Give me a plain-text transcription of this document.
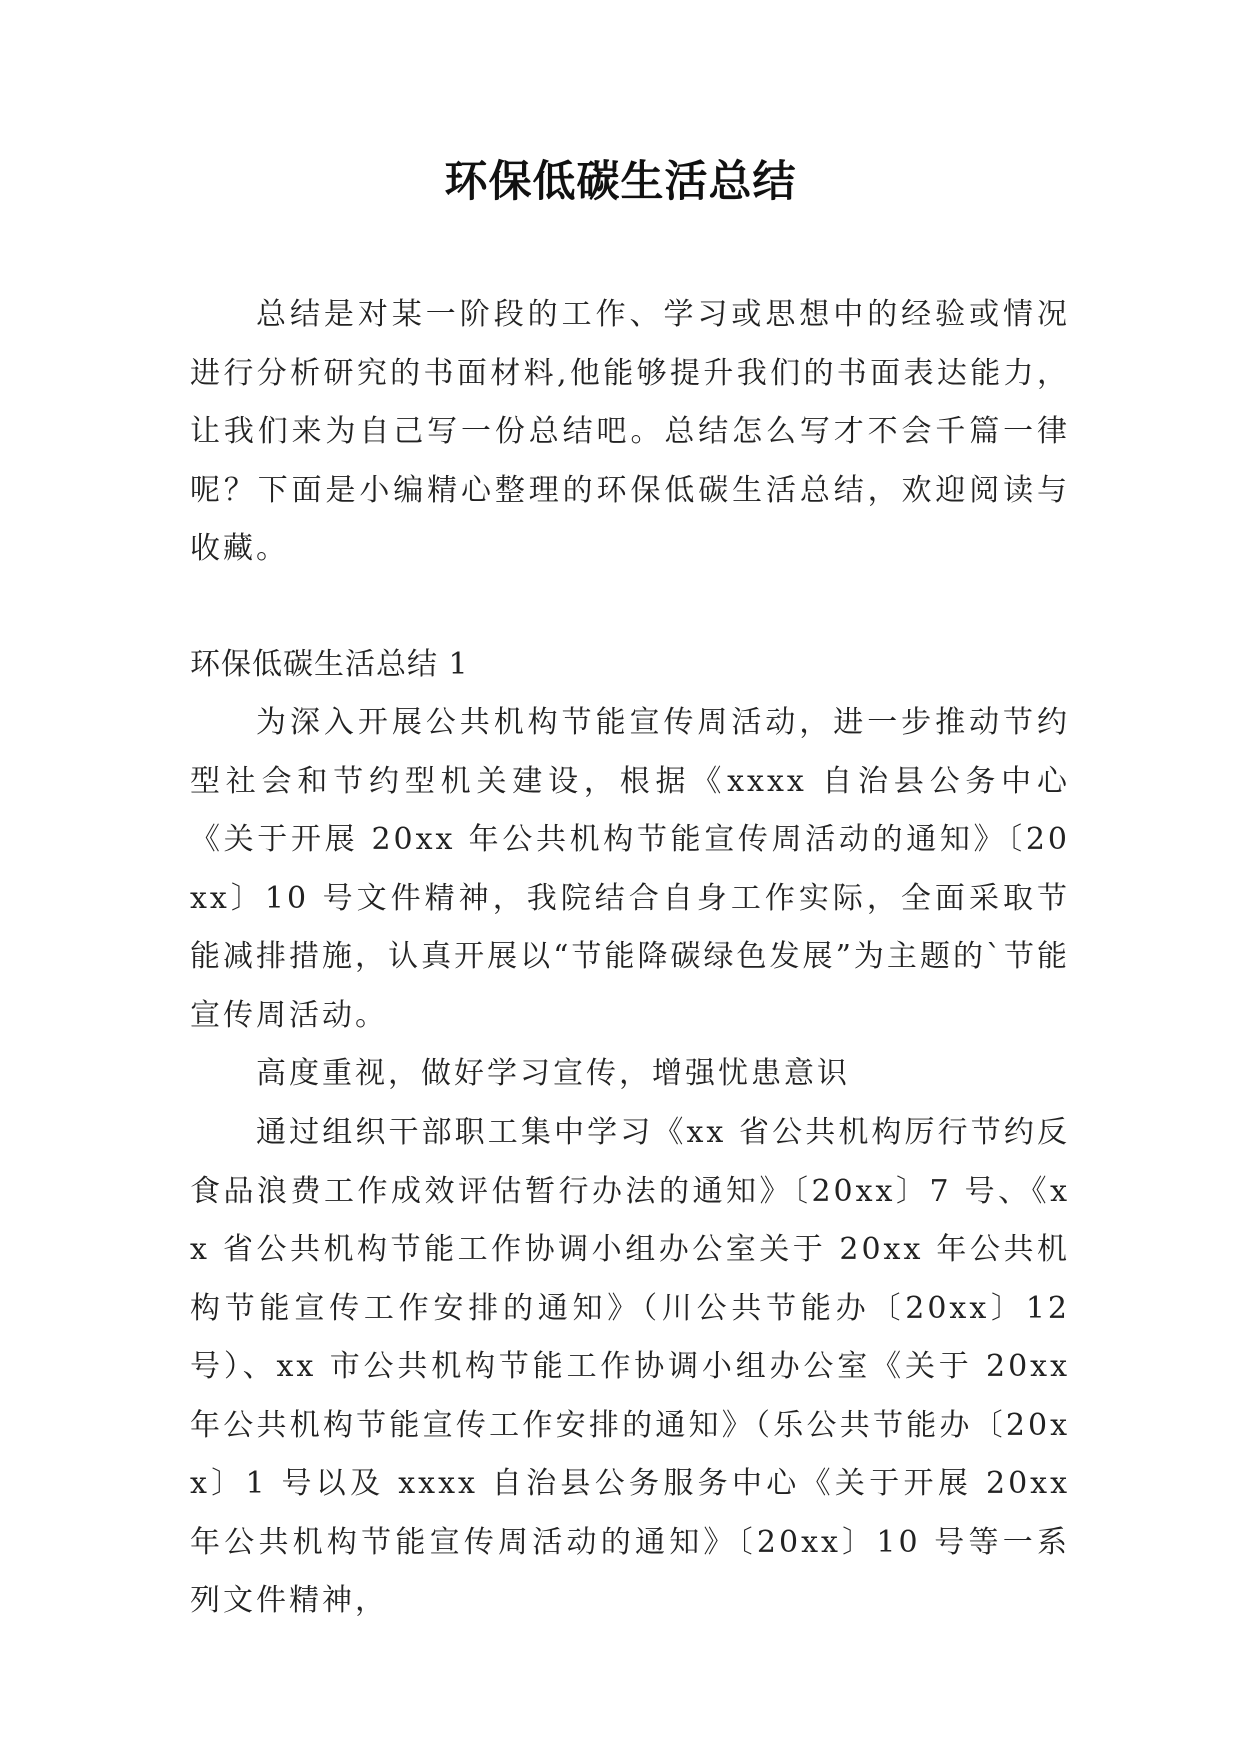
环保低碳生活总结

总结是对某一阶段的工作、学习或思想中的经验或情况进行分析研究的书面材料,他能够提升我们的书面表达能力，让我们来为自己写一份总结吧。总结怎么写才不会千篇一律呢？下面是小编精心整理的环保低碳生活总结，欢迎阅读与收藏。

环保低碳生活总结 1

为深入开展公共机构节能宣传周活动，进一步推动节约型社会和节约型机关建设，根据《xxxx 自治县公务中心《关于开展 20xx 年公共机构节能宣传周活动的通知》〔20xx〕10 号文件精神，我院结合自身工作实际，全面采取节能减排措施，认真开展以“节能降碳绿色发展”为主题的`节能宣传周活动。

高度重视，做好学习宣传，增强忧患意识

通过组织干部职工集中学习《xx 省公共机构厉行节约反食品浪费工作成效评估暂行办法的通知》〔20xx〕7 号、《xx 省公共机构节能工作协调小组办公室关于 20xx 年公共机构节能宣传工作安排的通知》（川公共节能办〔20xx〕12 号）、xx 市公共机构节能工作协调小组办公室《关于 20xx 年公共机构节能宣传工作安排的通知》（乐公共节能办〔20xx〕1 号以及 xxxx 自治县公务服务中心《关于开展 20xx 年公共机构节能宣传周活动的通知》〔20xx〕10 号等一系列文件精神，
